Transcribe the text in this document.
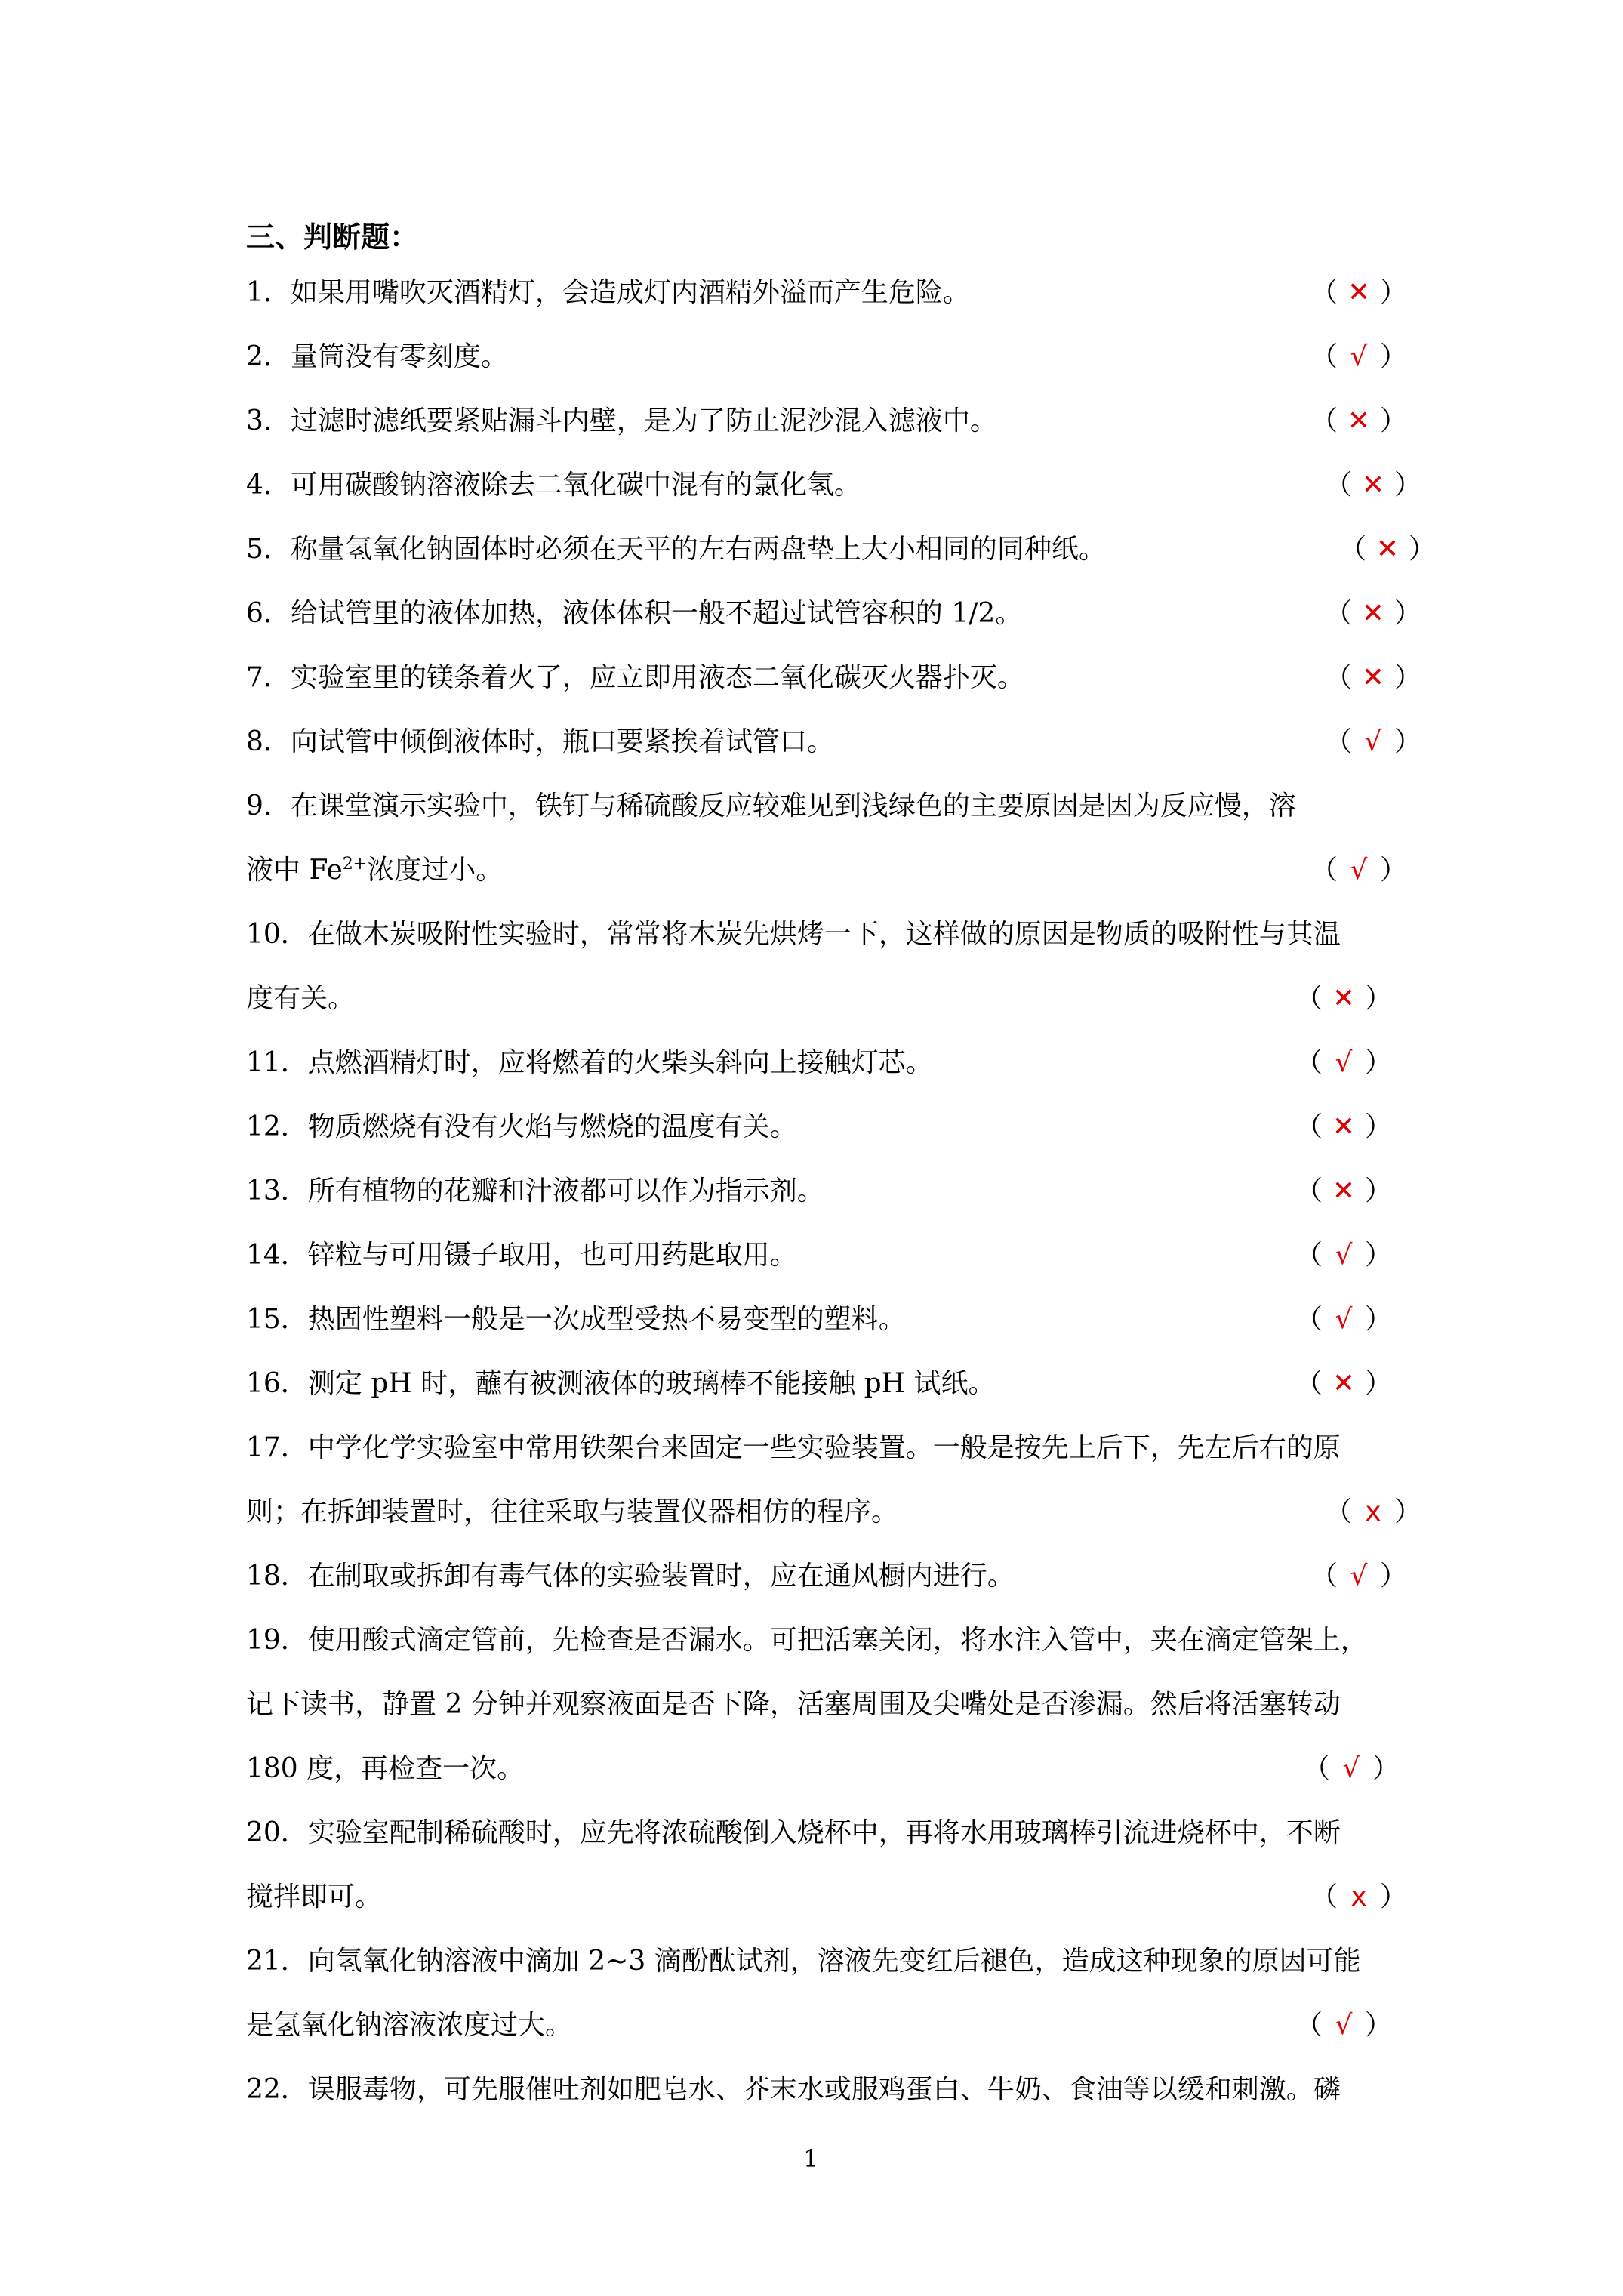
三、判断题：
1．如果用嘴吹灭酒精灯，会造成灯内酒精外溢而产生危险。	（ ✕ ）
2．量筒没有零刻度。	（ √ ）
3．过滤时滤纸要紧贴漏斗内壁，是为了防止泥沙混入滤液中。	（ ✕ ）
4．可用碳酸钠溶液除去二氧化碳中混有的氯化氢。	（ ✕ ）
5．称量氢氧化钠固体时必须在天平的左右两盘垫上大小相同的同种纸。	（ ✕ ）
6．给试管里的液体加热，液体体积一般不超过试管容积的 1/2。	（ ✕ ）
7．实验室里的镁条着火了，应立即用液态二氧化碳灭火器扑灭。	（ ✕ ）
8．向试管中倾倒液体时，瓶口要紧挨着试管口。	（ √ ）
9．在课堂演示实验中，铁钉与稀硫酸反应较难见到浅绿色的主要原因是因为反应慢，溶
液中 $Fe^{2+}$浓度过小。	（ √ ）
10．在做木炭吸附性实验时，常常将木炭先烘烤一下，这样做的原因是物质的吸附性与其温
度有关。	（ ✕ ）
11．点燃酒精灯时，应将燃着的火柴头斜向上接触灯芯。	（ √ ）
12．物质燃烧有没有火焰与燃烧的温度有关。	（ ✕ ）
13．所有植物的花瓣和汁液都可以作为指示剂。	（ ✕ ）
14．锌粒与可用镊子取用，也可用药匙取用。	（ √ ）
15．热固性塑料一般是一次成型受热不易变型的塑料。	（ √ ）
16．测定 pH 时，蘸有被测液体的玻璃棒不能接触 pH 试纸。	（ ✕ ）
17．中学化学实验室中常用铁架台来固定一些实验装置。一般是按先上后下，先左后右的原
则；在拆卸装置时，往往采取与装置仪器相仿的程序。	（ x ）
18．在制取或拆卸有毒气体的实验装置时，应在通风橱内进行。	（ √ ）
19．使用酸式滴定管前，先检查是否漏水。可把活塞关闭，将水注入管中，夹在滴定管架上，
记下读书，静置 2 分钟并观察液面是否下降，活塞周围及尖嘴处是否渗漏。然后将活塞转动
180 度，再检查一次。	（ √ ）
20．实验室配制稀硫酸时，应先将浓硫酸倒入烧杯中，再将水用玻璃棒引流进烧杯中，不断
搅拌即可。	（ x ）
21．向氢氧化钠溶液中滴加 2~3 滴酚酞试剂，溶液先变红后褪色，造成这种现象的原因可能
是氢氧化钠溶液浓度过大。	（ √ ）
22．误服毒物，可先服催吐剂如肥皂水、芥末水或服鸡蛋白、牛奶、食油等以缓和刺激。磷
1
